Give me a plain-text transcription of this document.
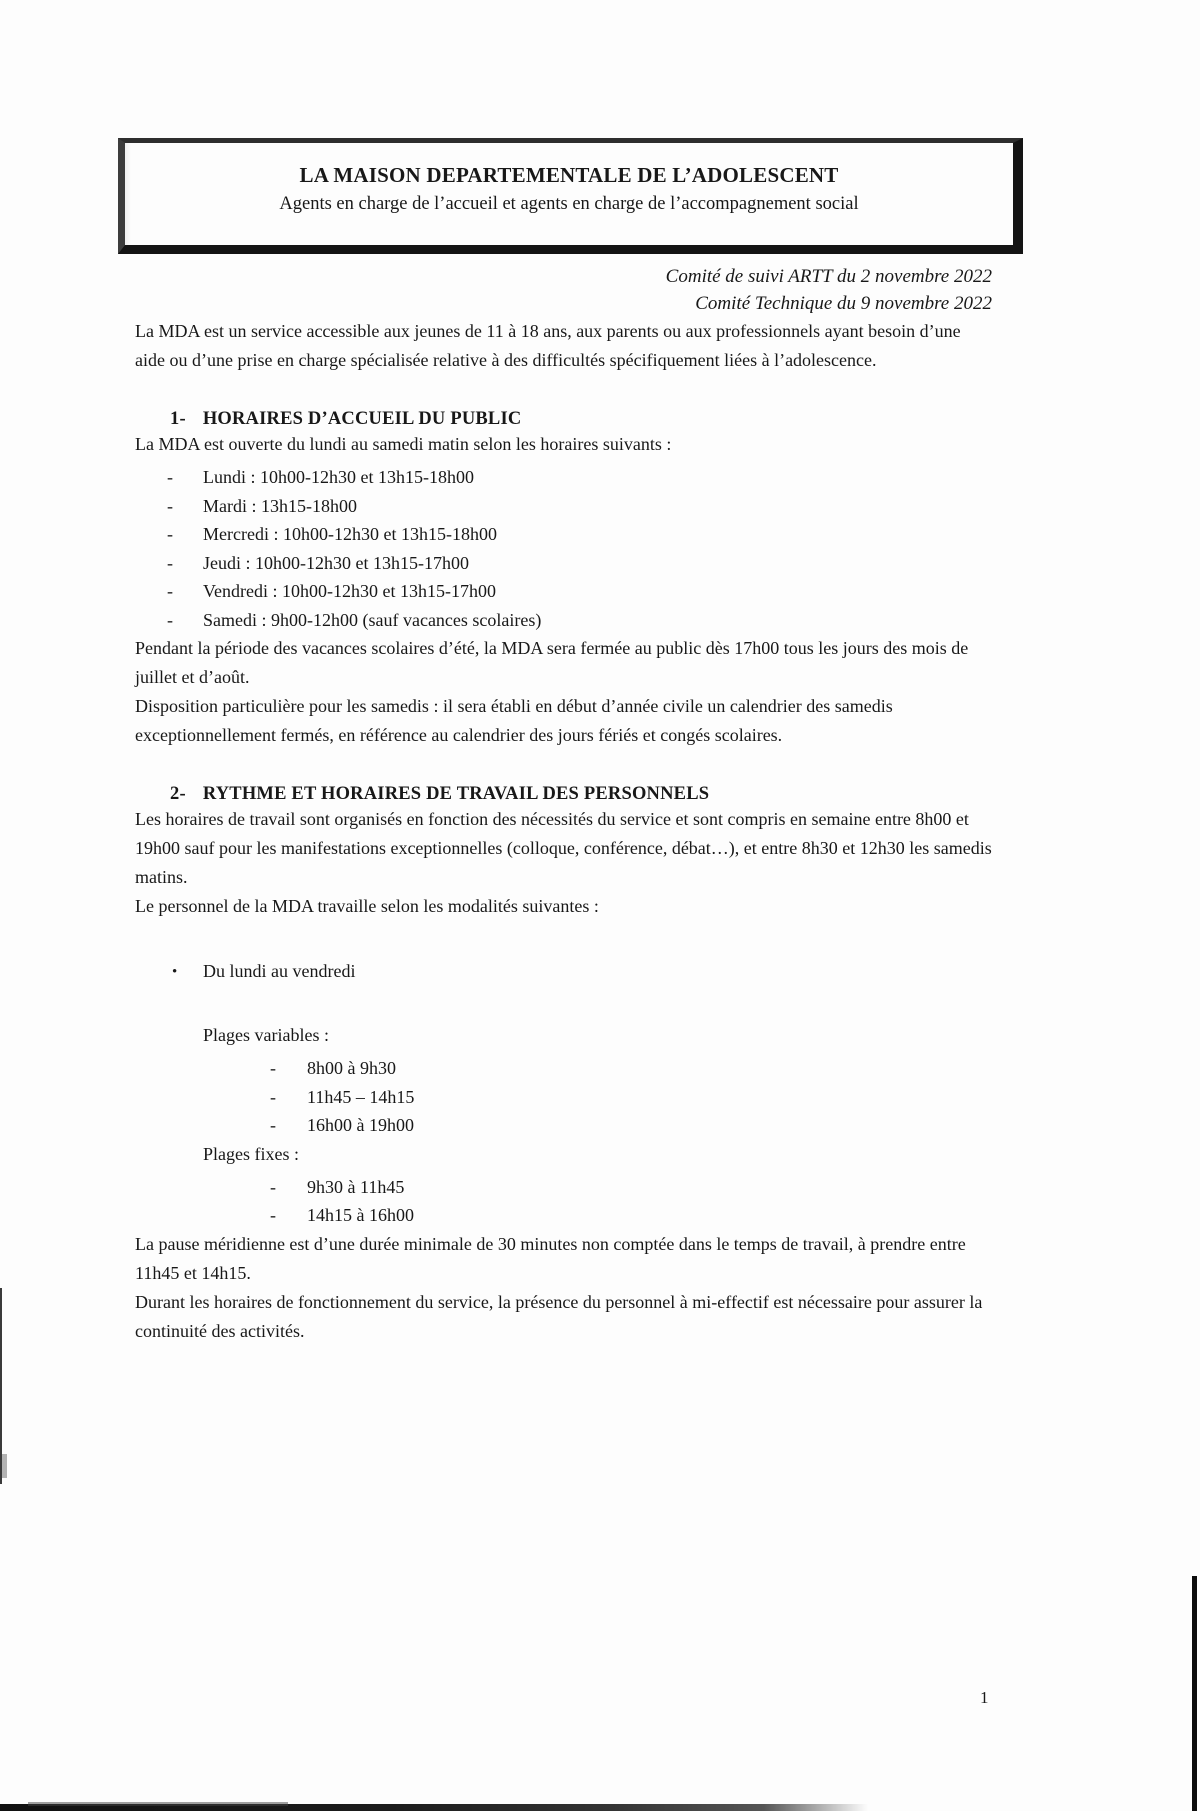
LA MAISON DEPARTEMENTALE DE L’ADOLESCENT
Agents en charge de l’accueil et agents en charge de l’accompagnement social
Comité de suivi ARTT du 2 novembre 2022
Comité Technique du 9 novembre 2022

La MDA est un service accessible aux jeunes de 11 à 18 ans, aux parents ou aux professionnels ayant besoin d’une aide ou d’une prise en charge spécialisée relative à des difficultés spécifiquement liées à l’adolescence.

1- HORAIRES D’ACCUEIL DU PUBLIC

La MDA est ouverte du lundi au samedi matin selon les horaires suivants :

-	Lundi : 10h00-12h30 et 13h15-18h00
-	Mardi : 13h15-18h00
-	Mercredi : 10h00-12h30 et 13h15-18h00
-	Jeudi : 10h00-12h30 et 13h15-17h00
-	Vendredi : 10h00-12h30 et 13h15-17h00
-	Samedi : 9h00-12h00 (sauf vacances scolaires)

Pendant la période des vacances scolaires d’été, la MDA sera fermée au public dès 17h00 tous les jours des mois de juillet et d’août.

Disposition particulière pour les samedis : il sera établi en début d’année civile un calendrier des samedis exceptionnellement fermés, en référence au calendrier des jours fériés et congés scolaires.

2- RYTHME ET HORAIRES DE TRAVAIL DES PERSONNELS

Les horaires de travail sont organisés en fonction des nécessités du service et sont compris en semaine entre 8h00 et 19h00 sauf pour les manifestations exceptionnelles (colloque, conférence, débat…), et entre 8h30 et 12h30 les samedis matins.

Le personnel de la MDA travaille selon les modalités suivantes :

•	Du lundi au vendredi

Plages variables :

-	8h00 à 9h30
-	11h45 – 14h15
-	16h00 à 19h00

Plages fixes :

-	9h30 à 11h45
-	14h15 à 16h00

La pause méridienne est d’une durée minimale de 30 minutes non comptée dans le temps de travail, à prendre entre 11h45 et 14h15.

Durant les horaires de fonctionnement du service, la présence du personnel à mi-effectif est nécessaire pour assurer la continuité des activités.

1
